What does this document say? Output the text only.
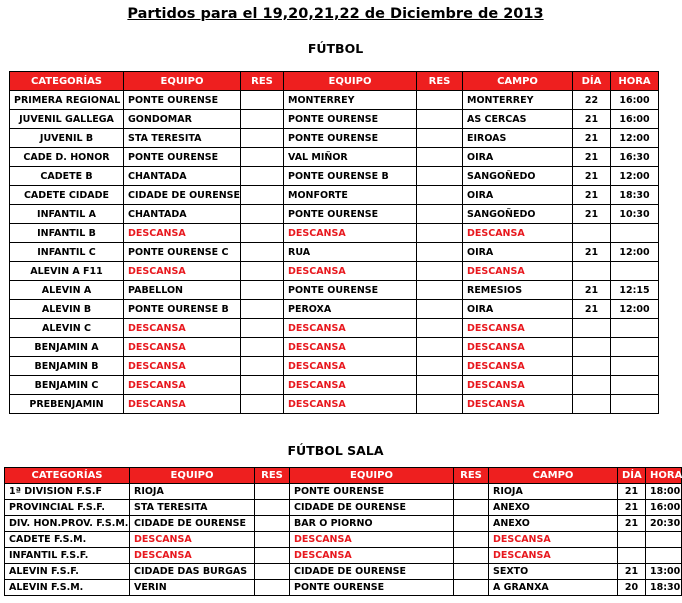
Partidos para el 19,20,21,22 de Diciembre de 2013
FÚTBOL
CATEGORÍAS	EQUIPO	RES	EQUIPO	RES	CAMPO	DÍA	HORA
PRIMERA REGIONAL	PONTE OURENSE		MONTERREY		MONTERREY	22	16:00
JUVENIL GALLEGA	GONDOMAR		PONTE OURENSE		AS CERCAS	21	16:00
JUVENIL B	STA TERESITA		PONTE OURENSE		EIROAS	21	12:00
CADE D. HONOR	PONTE OURENSE		VAL MIÑOR		OIRA	21	16:30
CADETE B	CHANTADA		PONTE OURENSE B		SANGOÑEDO	21	12:00
CADETE CIDADE	CIDADE DE OURENSE		MONFORTE		OIRA	21	18:30
INFANTIL A	CHANTADA		PONTE OURENSE		SANGOÑEDO	21	10:30
INFANTIL B	DESCANSA		DESCANSA		DESCANSA		
INFANTIL C	PONTE OURENSE C		RUA		OIRA	21	12:00
ALEVIN A F11	DESCANSA		DESCANSA		DESCANSA		
ALEVIN A	PABELLON		PONTE OURENSE		REMESIOS	21	12:15
ALEVIN B	PONTE OURENSE B		PEROXA		OIRA	21	12:00
ALEVIN C	DESCANSA		DESCANSA		DESCANSA		
BENJAMIN A	DESCANSA		DESCANSA		DESCANSA		
BENJAMIN B	DESCANSA		DESCANSA		DESCANSA		
BENJAMIN C	DESCANSA		DESCANSA		DESCANSA		
PREBENJAMIN	DESCANSA		DESCANSA		DESCANSA		
FÚTBOL SALA
CATEGORÍAS	EQUIPO	RES	EQUIPO	RES	CAMPO	DÍA	HORA
1ª DIVISION F.S.F	RIOJA		PONTE OURENSE		RIOJA	21	18:00
PROVINCIAL F.S.F.	STA TERESITA		CIDADE DE OURENSE		ANEXO	21	16:00
DIV. HON.PROV. F.S.M.	CIDADE DE OURENSE		BAR O PIORNO		ANEXO	21	20:30
CADETE F.S.M.	DESCANSA		DESCANSA		DESCANSA		
INFANTIL F.S.F.	DESCANSA		DESCANSA		DESCANSA		
ALEVIN F.S.F.	CIDADE DAS BURGAS		CIDADE DE OURENSE		SEXTO	21	13:00
ALEVIN F.S.M.	VERIN		PONTE OURENSE		A GRANXA	20	18:30
